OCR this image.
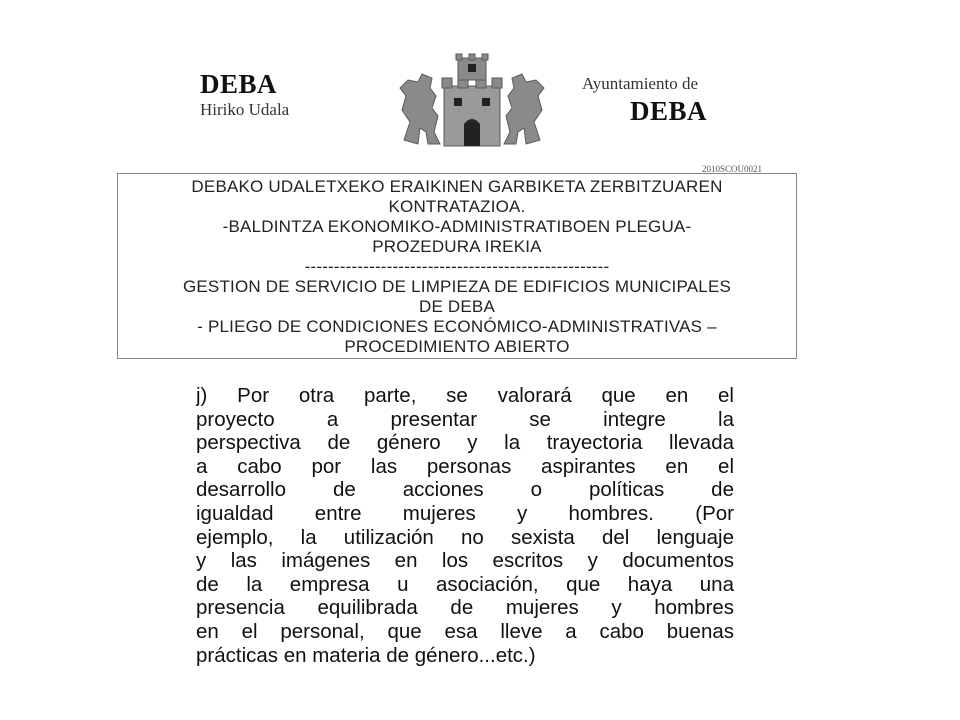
DEBA

Hiriko Udala

Ayuntamiento de

DEBA

2010SCOU0021

DEBAKO UDALETXEKO ERAIKINEN GARBIKETA ZERBITZUAREN

KONTRATAZIOA.

-BALDINTZA EKONOMIKO-ADMINISTRATIBOEN PLEGUA-

PROZEDURA IREKIA

----------------------------------------------------

GESTION DE SERVICIO DE LIMPIEZA DE EDIFICIOS MUNICIPALES

DE DEBA

- PLIEGO DE CONDICIONES ECONÓMICO-ADMINISTRATIVAS –

PROCEDIMIENTO ABIERTO

j) Por otra parte, se valorará que en el
proyecto a presentar se integre la
perspectiva de género y la trayectoria llevada
a cabo por las personas aspirantes en el
desarrollo de acciones o políticas de
igualdad entre mujeres y hombres. (Por
ejemplo, la utilización no sexista del lenguaje
y las imágenes en los escritos y documentos
de la empresa u asociación, que haya una
presencia equilibrada de mujeres y hombres
en el personal, que esa lleve a cabo buenas
prácticas en materia de género...etc.)
